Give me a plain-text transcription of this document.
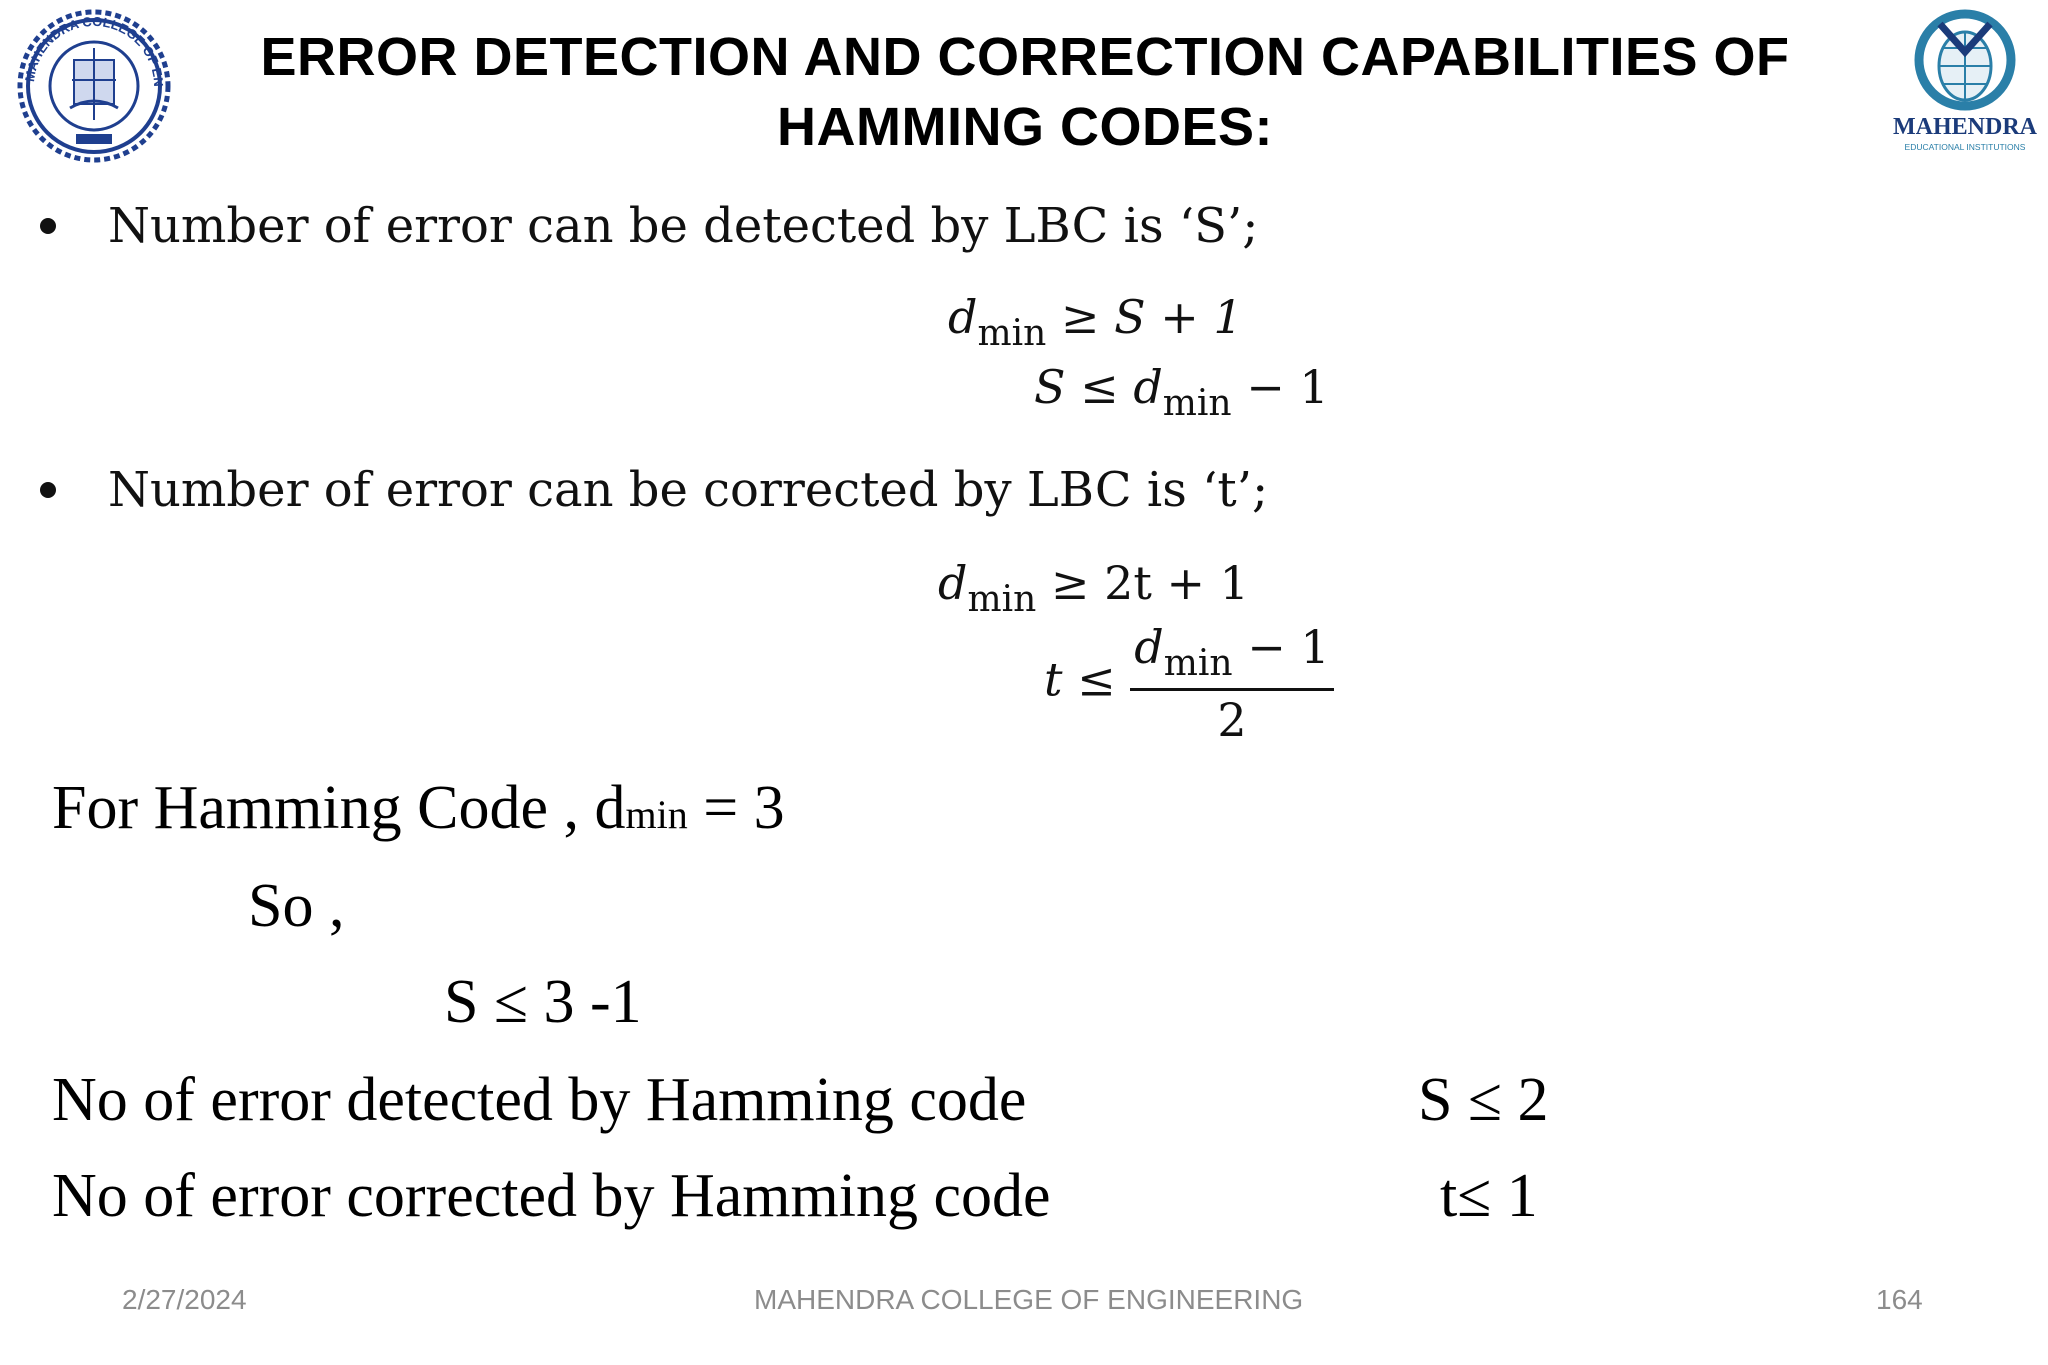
MAHENDRA COLLEGE OF EN	ERROR DETECTION AND CORRECTION CAPABILITIES OF
HAMMING CODES:	MAHENDRA
EDUCATIONAL INSTITUTIONS
Number of error can be detected by LBC is ‘S’;
$d_{min} \ge S + 1$
$S \le d_{min} - 1$
Number of error can be corrected by LBC is ‘t’;
$d_{min} \ge 2t + 1$
$t \le \frac{d_{min} - 1}{2}$
For Hamming Code , dmin = 3
So ,
S ≤ 3 -1
No of error detected by Hamming code	S ≤ 2
No of error corrected by Hamming code	t≤ 1
2/27/2024	MAHENDRA COLLEGE OF ENGINEERING	164
